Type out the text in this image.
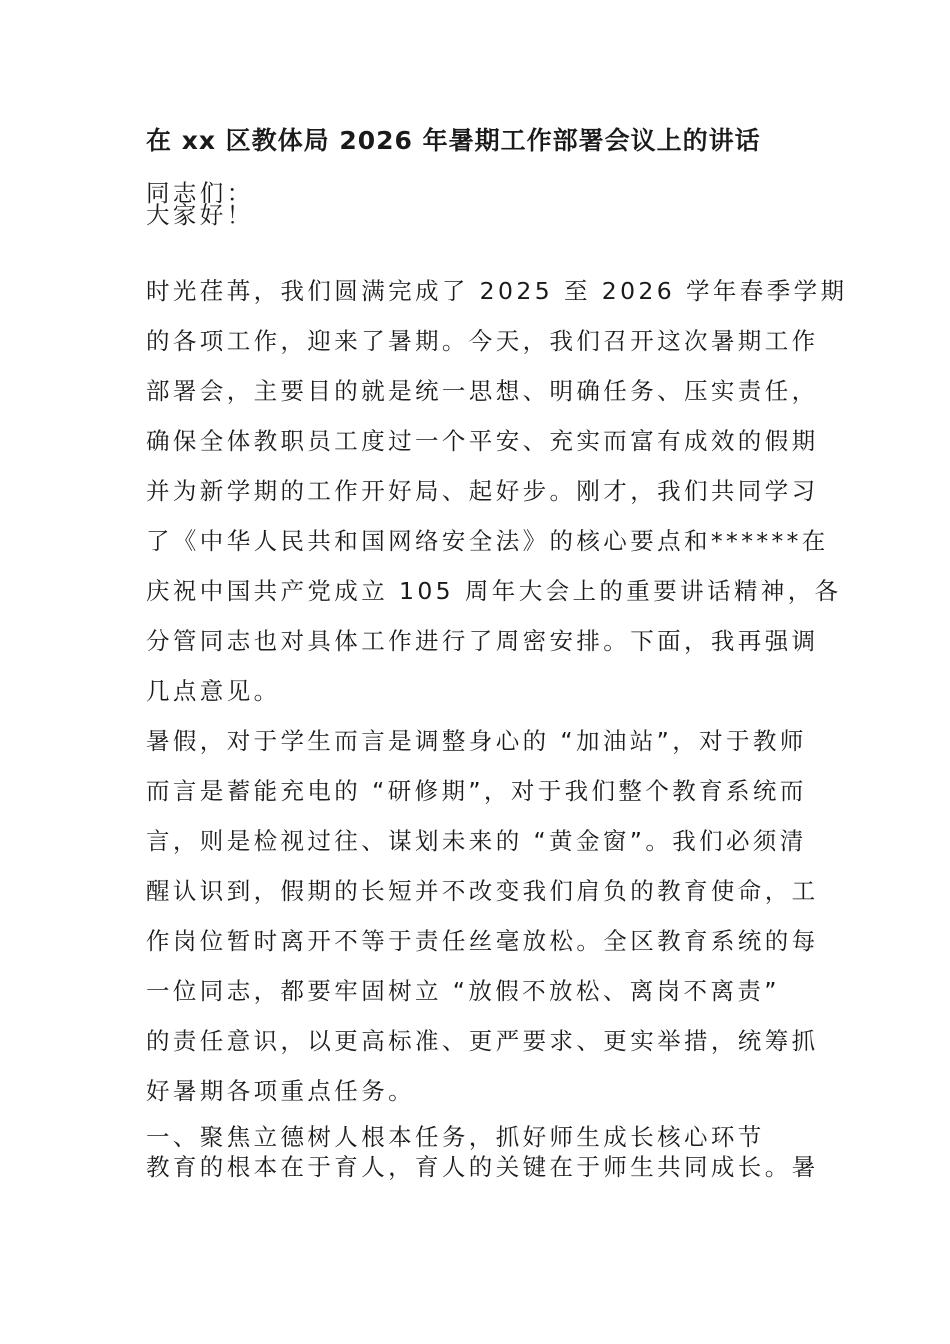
在 xx 区教体局 2026 年暑期工作部署会议上的讲话

同志们：

大家好！

时光荏苒，我们圆满完成了 2025 至 2026 学年春季学期
的各项工作，迎来了暑期。今天，我们召开这次暑期工作
部署会，主要目的就是统一思想、明确任务、压实责任，
确保全体教职员工度过一个平安、充实而富有成效的假期
并为新学期的工作开好局、起好步。刚才，我们共同学习
了《中华人民共和国网络安全法》的核心要点和******在
庆祝中国共产党成立 105 周年大会上的重要讲话精神，各
分管同志也对具体工作进行了周密安排。下面，我再强调
几点意见。

暑假，对于学生而言是调整身心的 “加油站”，对于教师
而言是蓄能充电的 “研修期”，对于我们整个教育系统而
言，则是检视过往、谋划未来的 “黄金窗”。我们必须清
醒认识到，假期的长短并不改变我们肩负的教育使命，工
作岗位暂时离开不等于责任丝毫放松。全区教育系统的每
一位同志，都要牢固树立 “放假不放松、离岗不离责”
的责任意识，以更高标准、更严要求、更实举措，统筹抓
好暑期各项重点任务。

一、聚焦立德树人根本任务，抓好师生成长核心环节

教育的根本在于育人，育人的关键在于师生共同成长。暑
